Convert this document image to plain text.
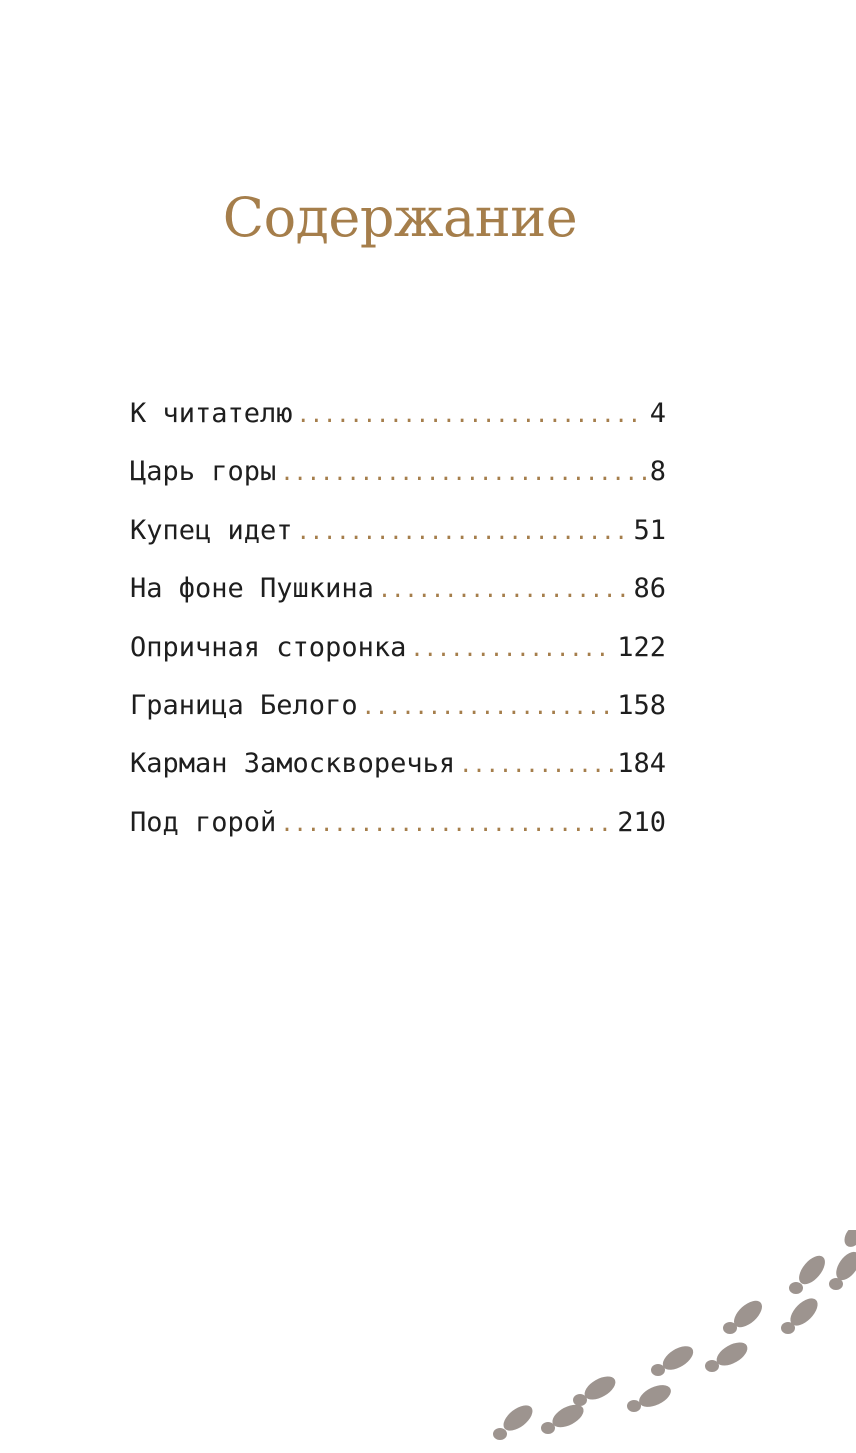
Содержание
К читателю .....	4
Царь горы .....	8
Купец идет .....	51
На фоне Пушкина .....	86
Опричная сторонка .....	122
Граница Белого .....	158
Карман Замоскворечья .....	184
Под горой .....	210
